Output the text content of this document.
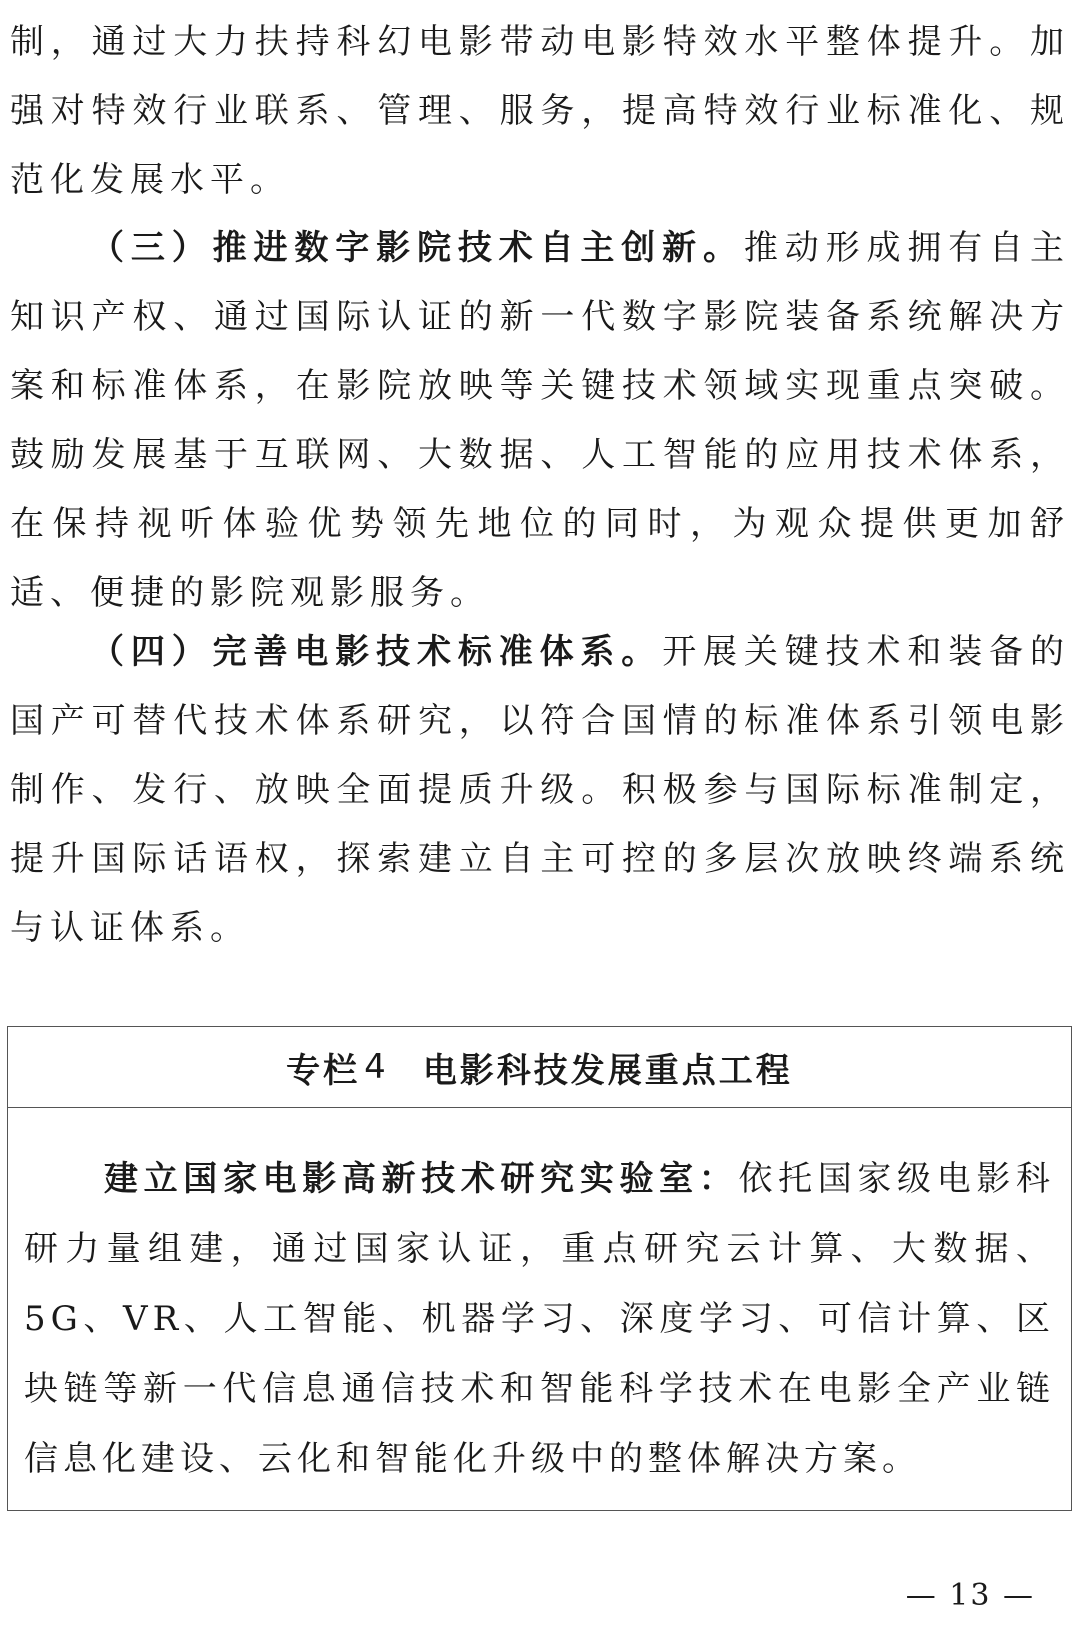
制，通过大力扶持科幻电影带动电影特效水平整体提升。加强对特效行业联系、管理、服务，提高特效行业标准化、规范化发展水平。

（三）推进数字影院技术自主创新。推动形成拥有自主知识产权、通过国际认证的新一代数字影院装备系统解决方案和标准体系，在影院放映等关键技术领域实现重点突破。鼓励发展基于互联网、大数据、人工智能的应用技术体系，在保持视听体验优势领先地位的同时，为观众提供更加舒适、便捷的影院观影服务。

（四）完善电影技术标准体系。开展关键技术和装备的国产可替代技术体系研究，以符合国情的标准体系引领电影制作、发行、放映全面提质升级。积极参与国际标准制定，提升国际话语权，探索建立自主可控的多层次放映终端系统与认证体系。

专栏 4 电影科技发展重点工程

建立国家电影高新技术研究实验室：依托国家级电影科研力量组建，通过国家认证，重点研究云计算、大数据、5G、VR、人工智能、机器学习、深度学习、可信计算、区块链等新一代信息通信技术和智能科学技术在电影全产业链信息化建设、云化和智能化升级中的整体解决方案。

— 13 —
